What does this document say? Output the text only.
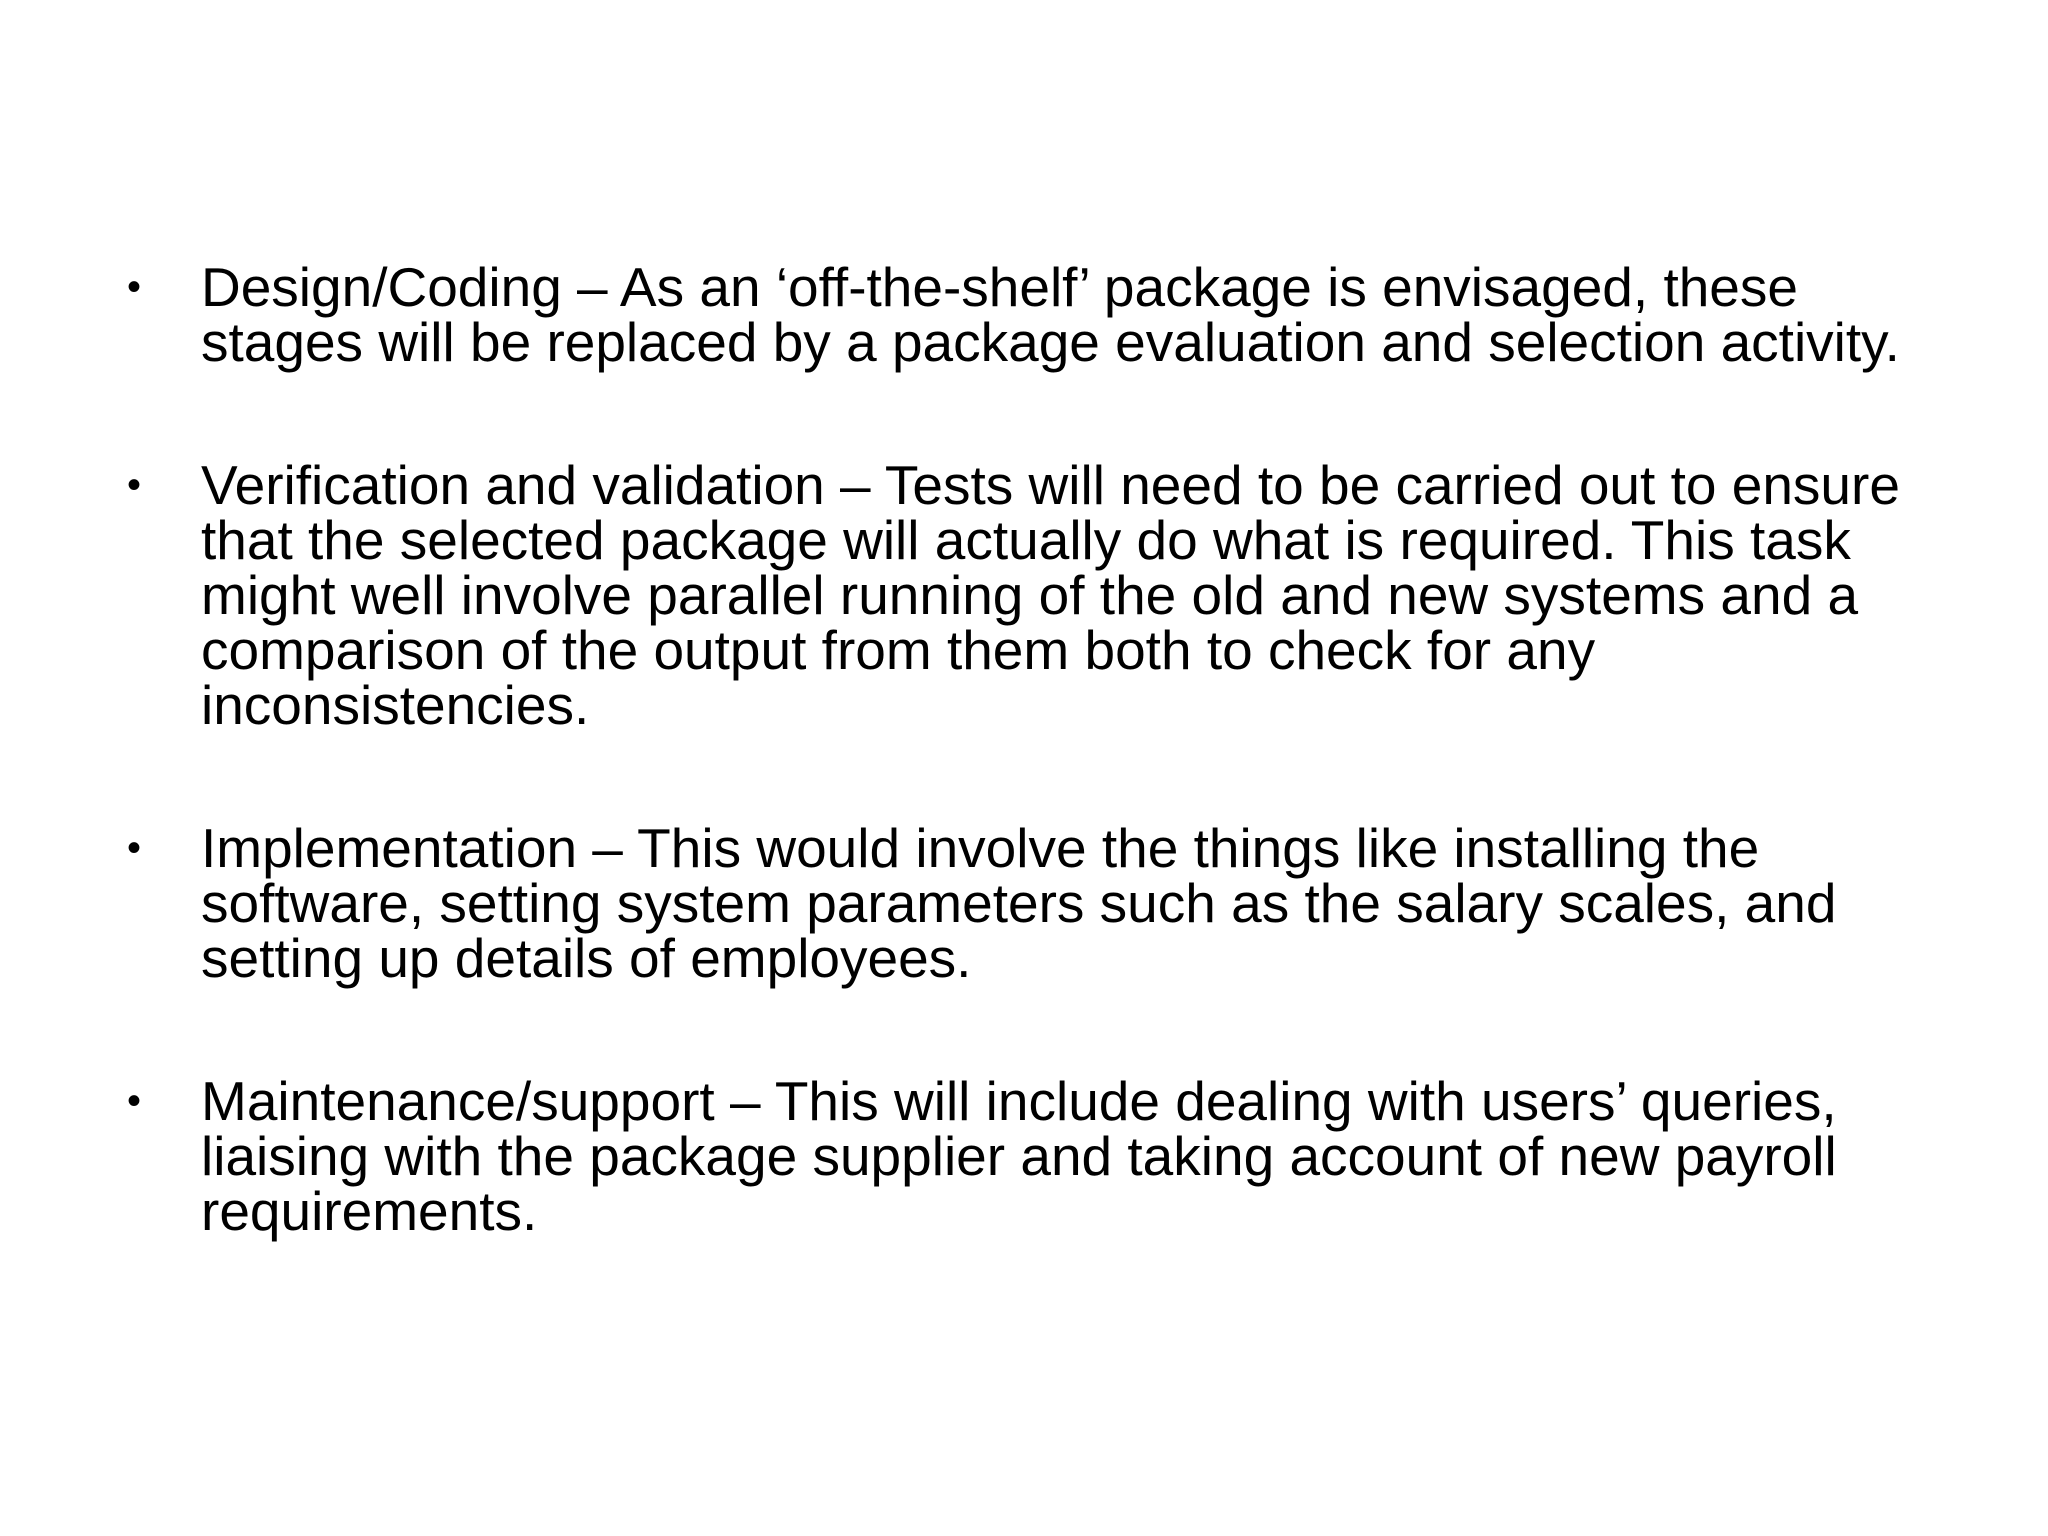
• Design/Coding – As an ‘off-the-shelf’ package is envisaged, these stages will be replaced by a package evaluation and selection activity.
• Verification and validation – Tests will need to be carried out to ensure that the selected package will actually do what is required. This task might well involve parallel running of the old and new systems and a comparison of the output from them both to check for any inconsistencies.
• Implementation – This would involve the things like installing the software, setting system parameters such as the salary scales, and setting up details of employees.
• Maintenance/support – This will include dealing with users’ queries, liaising with the package supplier and taking account of new payroll requirements.
